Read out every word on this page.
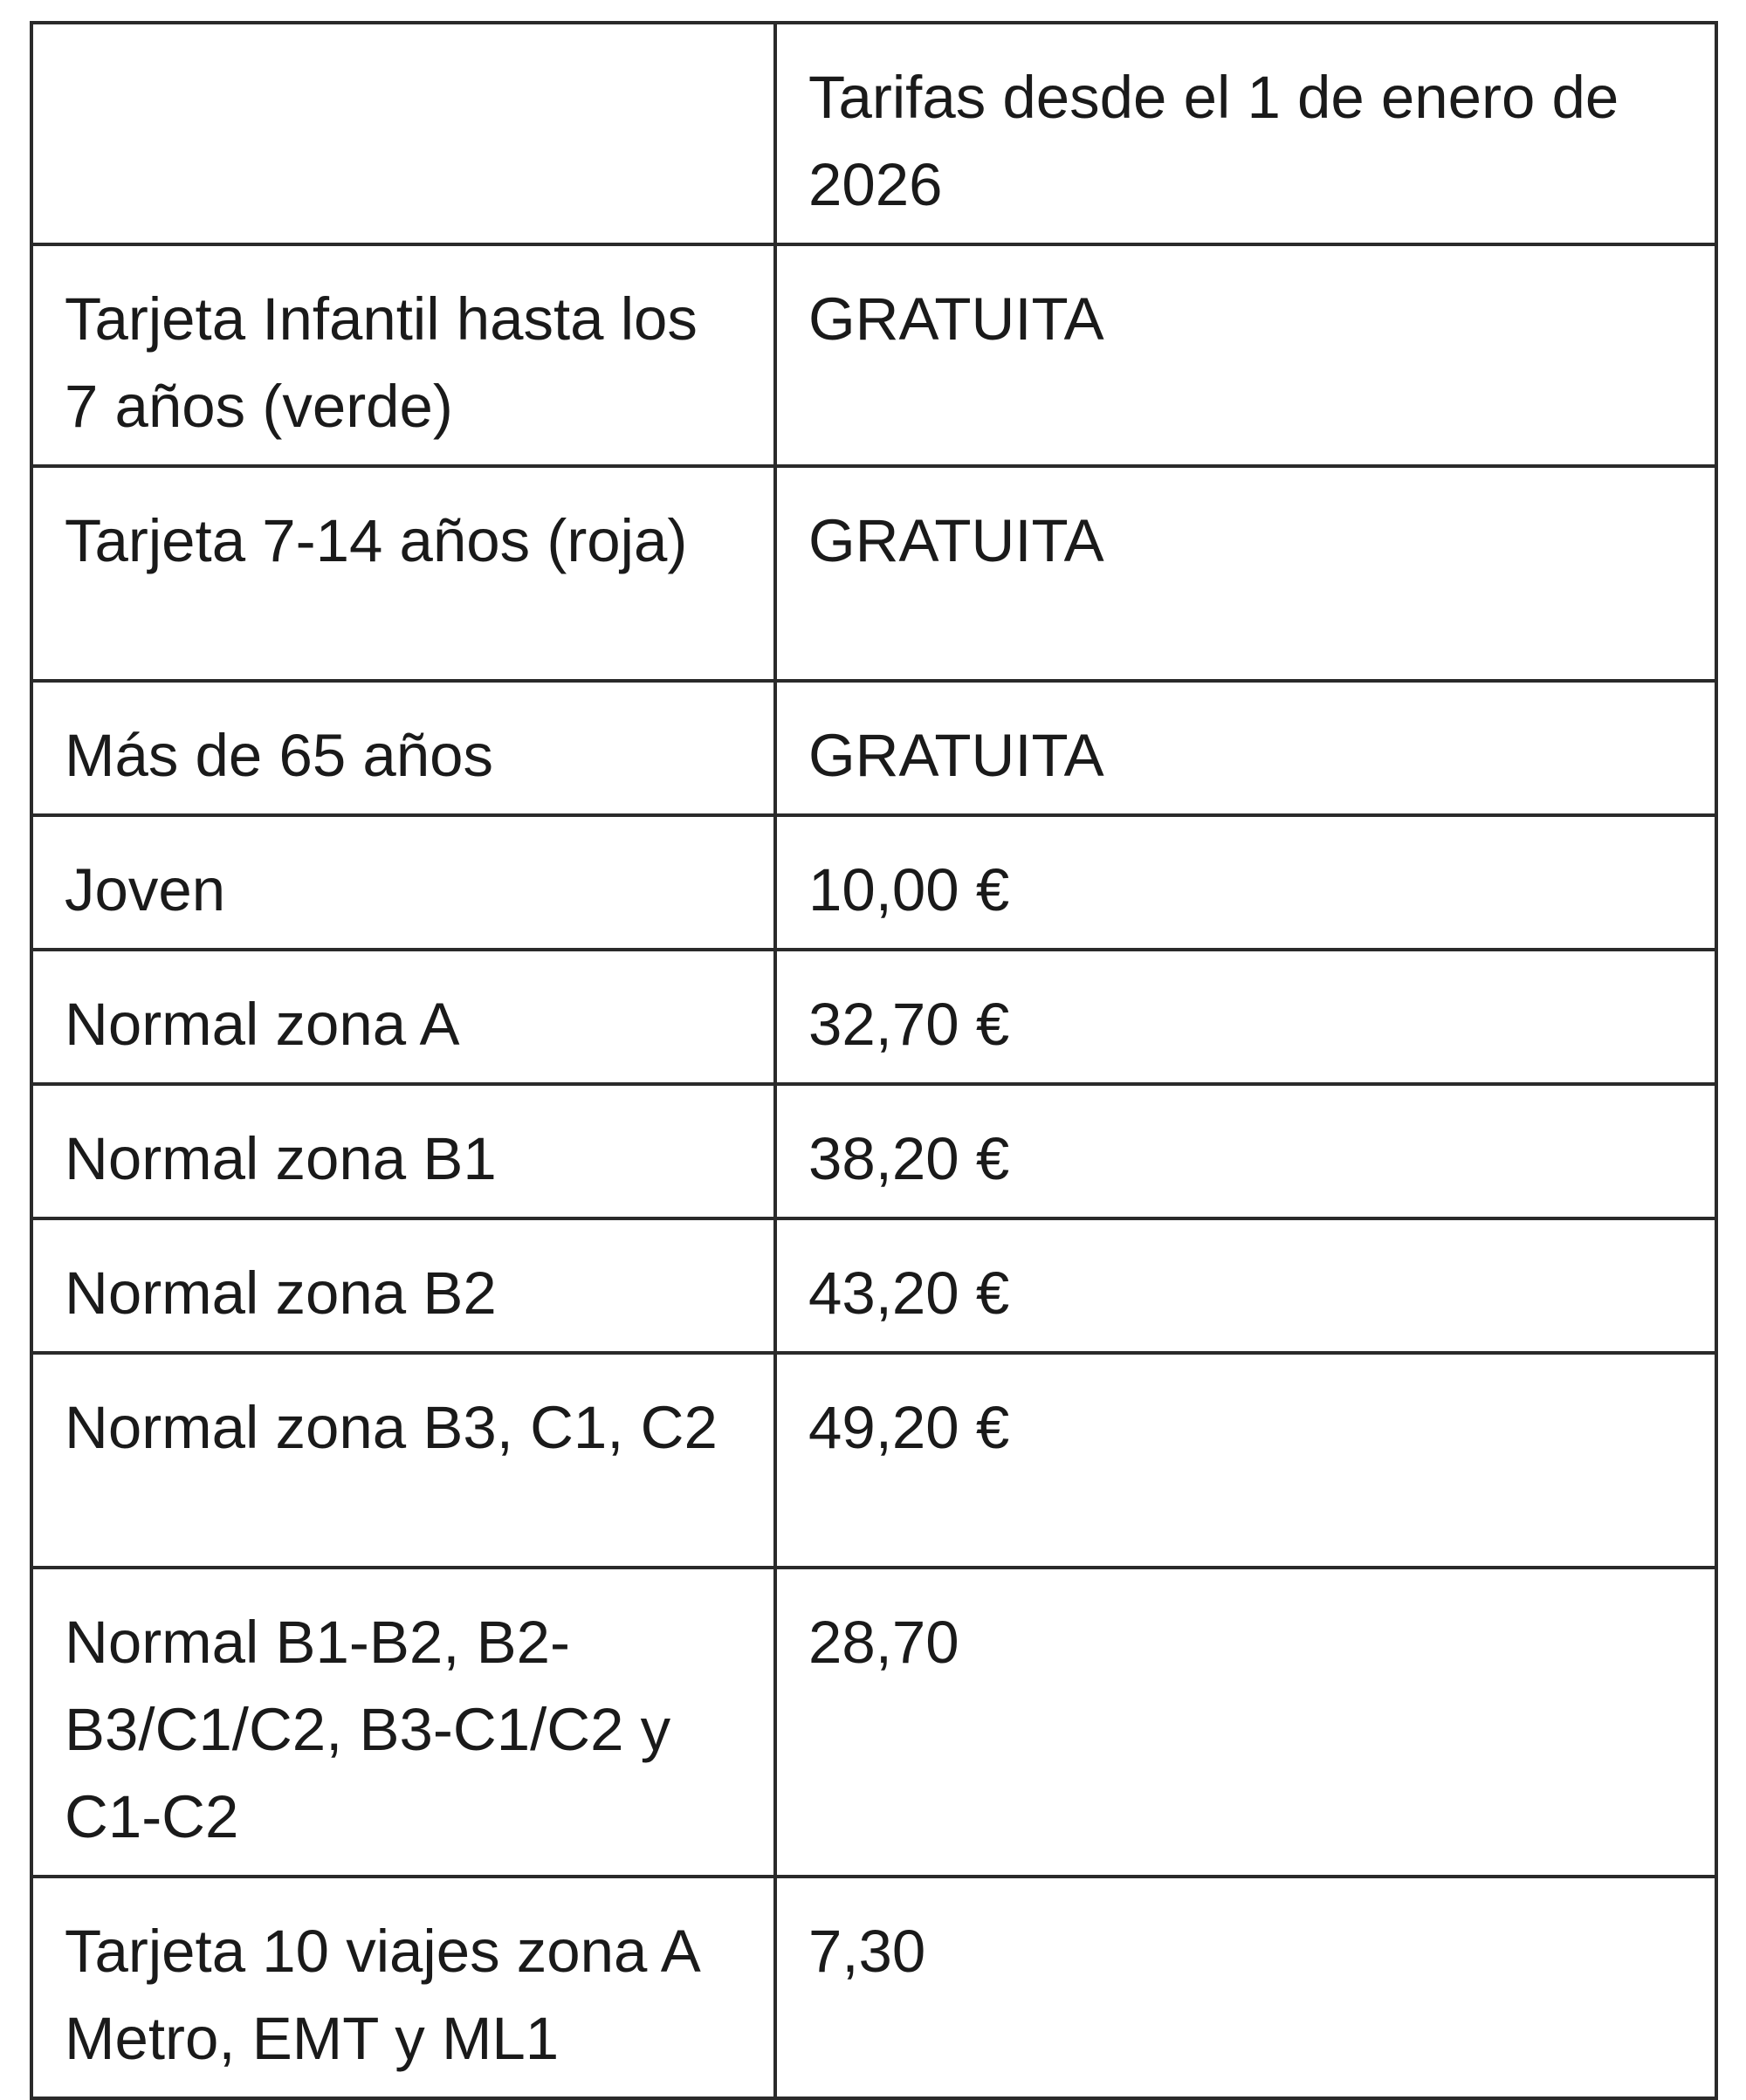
	Tarifas desde el 1 de enero de 2026
Tarjeta Infantil hasta los 7 años (verde)	GRATUITA
Tarjeta 7-14 años (roja)	GRATUITA
Más de 65 años	GRATUITA
Joven	10,00 €
Normal zona A	32,70 €
Normal zona B1	38,20 €
Normal zona B2	43,20 €
Normal zona B3, C1, C2	49,20 €
Normal B1-B2, B2-B3/C1/C2, B3-C1/C2 y C1-C2	28,70
Tarjeta 10 viajes zona A Metro, EMT y ML1	7,30
